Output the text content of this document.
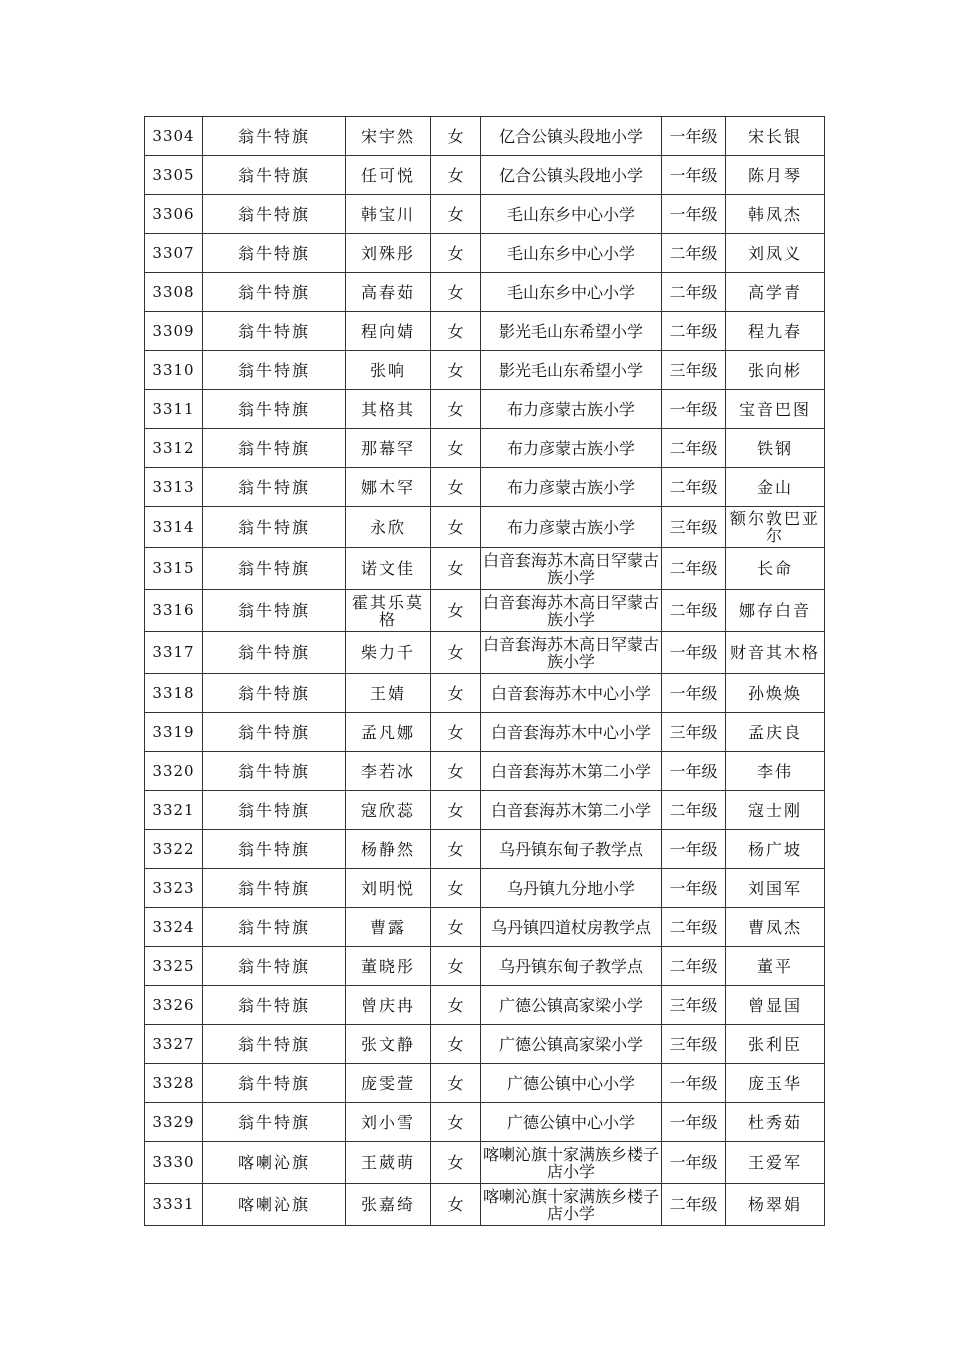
3304	翁牛特旗	宋宇然	女	亿合公镇头段地小学	一年级	宋长银
3305	翁牛特旗	任可悦	女	亿合公镇头段地小学	一年级	陈月琴
3306	翁牛特旗	韩宝川	女	毛山东乡中心小学	一年级	韩凤杰
3307	翁牛特旗	刘殊彤	女	毛山东乡中心小学	二年级	刘凤义
3308	翁牛特旗	高春茹	女	毛山东乡中心小学	二年级	高学青
3309	翁牛特旗	程向婧	女	影光毛山东希望小学	二年级	程九春
3310	翁牛特旗	张响	女	影光毛山东希望小学	三年级	张向彬
3311	翁牛特旗	其格其	女	布力彦蒙古族小学	一年级	宝音巴图
3312	翁牛特旗	那幕罕	女	布力彦蒙古族小学	二年级	铁钢
3313	翁牛特旗	娜木罕	女	布力彦蒙古族小学	二年级	金山
3314	翁牛特旗	永欣	女	布力彦蒙古族小学	三年级	额尔敦巴亚尔
3315	翁牛特旗	诺文佳	女	白音套海苏木高日罕蒙古族小学	二年级	长命
3316	翁牛特旗	霍其乐莫格	女	白音套海苏木高日罕蒙古族小学	二年级	娜存白音
3317	翁牛特旗	柴力千	女	白音套海苏木高日罕蒙古族小学	一年级	财音其木格
3318	翁牛特旗	王婧	女	白音套海苏木中心小学	一年级	孙焕焕
3319	翁牛特旗	孟凡娜	女	白音套海苏木中心小学	三年级	孟庆良
3320	翁牛特旗	李若冰	女	白音套海苏木第二小学	一年级	李伟
3321	翁牛特旗	寇欣蕊	女	白音套海苏木第二小学	二年级	寇士刚
3322	翁牛特旗	杨静然	女	乌丹镇东甸子教学点	一年级	杨广坡
3323	翁牛特旗	刘明悦	女	乌丹镇九分地小学	一年级	刘国军
3324	翁牛特旗	曹露	女	乌丹镇四道杖房教学点	二年级	曹凤杰
3325	翁牛特旗	董晓彤	女	乌丹镇东甸子教学点	二年级	董平
3326	翁牛特旗	曾庆冉	女	广德公镇高家梁小学	三年级	曾显国
3327	翁牛特旗	张文静	女	广德公镇高家梁小学	三年级	张利臣
3328	翁牛特旗	庞雯萱	女	广德公镇中心小学	一年级	庞玉华
3329	翁牛特旗	刘小雪	女	广德公镇中心小学	一年级	杜秀茹
3330	喀喇沁旗	王葳萌	女	喀喇沁旗十家满族乡楼子店小学	一年级	王爱军
3331	喀喇沁旗	张嘉绮	女	喀喇沁旗十家满族乡楼子店小学	二年级	杨翠娟
